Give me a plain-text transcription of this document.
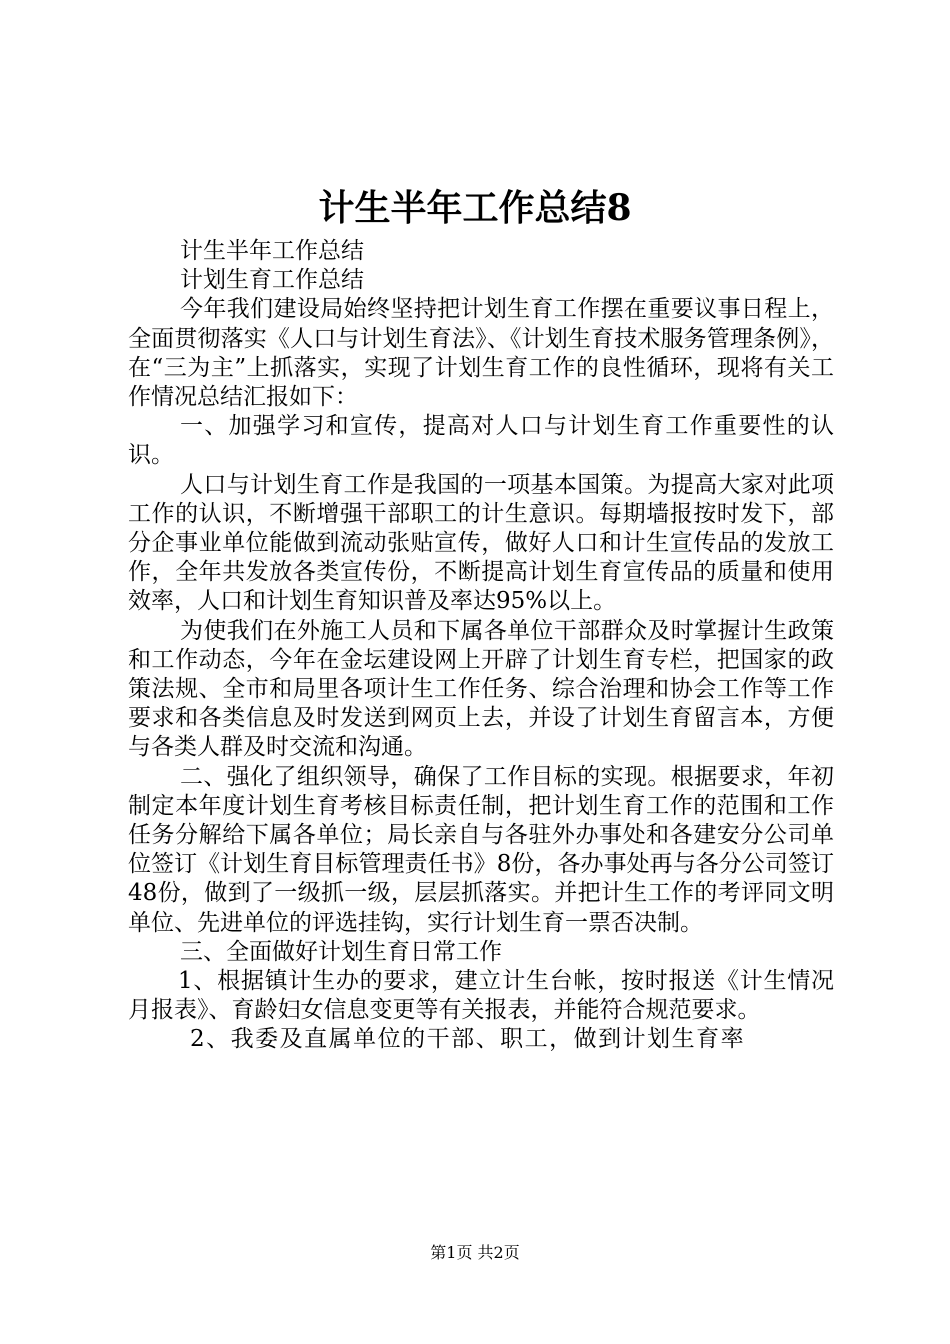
计生半年工作总结8

计生半年工作总结

计划生育工作总结

今年我们建设局始终坚持把计划生育工作摆在重要议事日程上，全面贯彻落实《人口与计划生育法》、《计划生育技术服务管理条例》，在“三为主”上抓落实，实现了计划生育工作的良性循环，现将有关工作情况总结汇报如下：

一、加强学习和宣传，提高对人口与计划生育工作重要性的认识。

人口与计划生育工作是我国的一项基本国策。为提高大家对此项工作的认识，不断增强干部职工的计生意识。每期墙报按时发下，部分企事业单位能做到流动张贴宣传，做好人口和计生宣传品的发放工作，全年共发放各类宣传份，不断提高计划生育宣传品的质量和使用效率，人口和计划生育知识普及率达95%以上。

为使我们在外施工人员和下属各单位干部群众及时掌握计生政策和工作动态，今年在金坛建设网上开辟了计划生育专栏，把国家的政策法规、全市和局里各项计生工作任务、综合治理和协会工作等工作要求和各类信息及时发送到网页上去，并设了计划生育留言本，方便与各类人群及时交流和沟通。

二、强化了组织领导，确保了工作目标的实现。根据要求，年初制定本年度计划生育考核目标责任制，把计划生育工作的范围和工作任务分解给下属各单位；局长亲自与各驻外办事处和各建安分公司单位签订《计划生育目标管理责任书》8份，各办事处再与各分公司签订48份，做到了一级抓一级，层层抓落实。并把计生工作的考评同文明单位、先进单位的评选挂钩，实行计划生育一票否决制。

三、全面做好计划生育日常工作

1、根据镇计生办的要求，建立计生台帐，按时报送《计生情况月报表》、育龄妇女信息变更等有关报表，并能符合规范要求。

2、我委及直属单位的干部、职工，做到计划生育率

第1页 共2页
